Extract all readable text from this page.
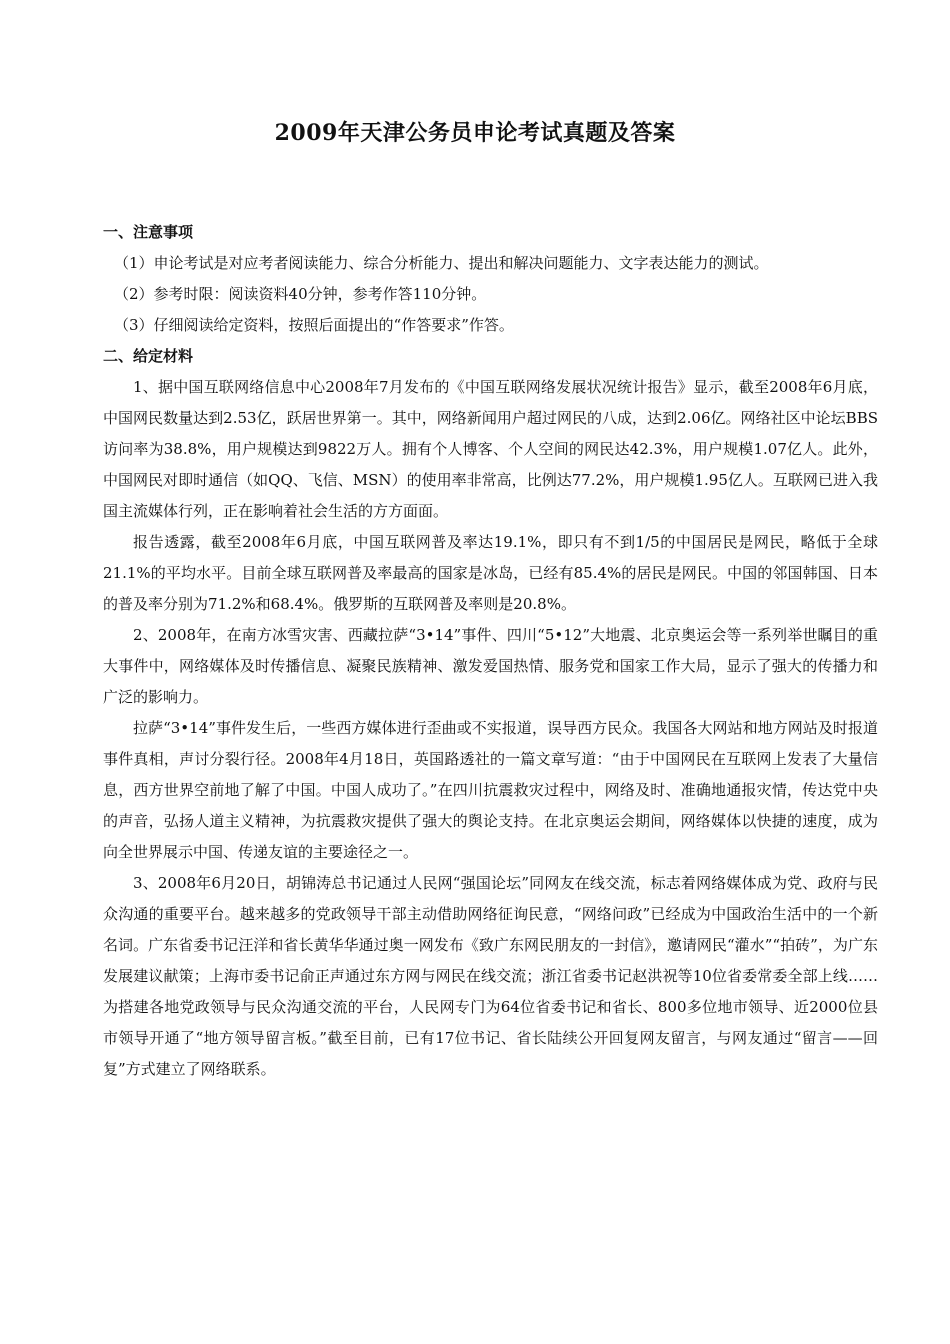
2009年天津公务员申论考试真题及答案

一、注意事项

（1）申论考试是对应考者阅读能力、综合分析能力、提出和解决问题能力、文字表达能力的测试。

（2）参考时限：阅读资料40分钟，参考作答110分钟。

（3）仔细阅读给定资料，按照后面提出的“作答要求”作答。

二、给定材料

1、据中国互联网络信息中心2008年7月发布的《中国互联网络发展状况统计报告》显示，截至2008年6月底，中国网民数量达到2.53亿，跃居世界第一。其中，网络新闻用户超过网民的八成，达到2.06亿。网络社区中论坛BBS访问率为38.8%，用户规模达到9822万人。拥有个人博客、个人空间的网民达42.3%，用户规模1.07亿人。此外，中国网民对即时通信（如QQ、飞信、MSN）的使用率非常高，比例达77.2%，用户规模1.95亿人。互联网已进入我国主流媒体行列，正在影响着社会生活的方方面面。

报告透露，截至2008年6月底，中国互联网普及率达19.1%，即只有不到1/5的中国居民是网民，略低于全球21.1%的平均水平。目前全球互联网普及率最高的国家是冰岛，已经有85.4%的居民是网民。中国的邻国韩国、日本的普及率分别为71.2%和68.4%。俄罗斯的互联网普及率则是20.8%。

2、2008年，在南方冰雪灾害、西藏拉萨“3•14”事件、四川“5•12”大地震、北京奥运会等一系列举世瞩目的重大事件中，网络媒体及时传播信息、凝聚民族精神、激发爱国热情、服务党和国家工作大局，显示了强大的传播力和广泛的影响力。

拉萨“3•14”事件发生后，一些西方媒体进行歪曲或不实报道，误导西方民众。我国各大网站和地方网站及时报道事件真相，声讨分裂行径。2008年4月18日，英国路透社的一篇文章写道：“由于中国网民在互联网上发表了大量信息，西方世界空前地了解了中国。中国人成功了。”在四川抗震救灾过程中，网络及时、准确地通报灾情，传达党中央的声音，弘扬人道主义精神，为抗震救灾提供了强大的舆论支持。在北京奥运会期间，网络媒体以快捷的速度，成为向全世界展示中国、传递友谊的主要途径之一。

3、2008年6月20日，胡锦涛总书记通过人民网“强国论坛”同网友在线交流，标志着网络媒体成为党、政府与民众沟通的重要平台。越来越多的党政领导干部主动借助网络征询民意，“网络问政”已经成为中国政治生活中的一个新名词。广东省委书记汪洋和省长黄华华通过奥一网发布《致广东网民朋友的一封信》，邀请网民“灌水”“拍砖”，为广东发展建议献策；上海市委书记俞正声通过东方网与网民在线交流；浙江省委书记赵洪祝等10位省委常委全部上线……为搭建各地党政领导与民众沟通交流的平台，人民网专门为64位省委书记和省长、800多位地市领导、近2000位县市领导开通了“地方领导留言板。”截至目前，已有17位书记、省长陆续公开回复网友留言，与网友通过“留言——回复”方式建立了网络联系。
